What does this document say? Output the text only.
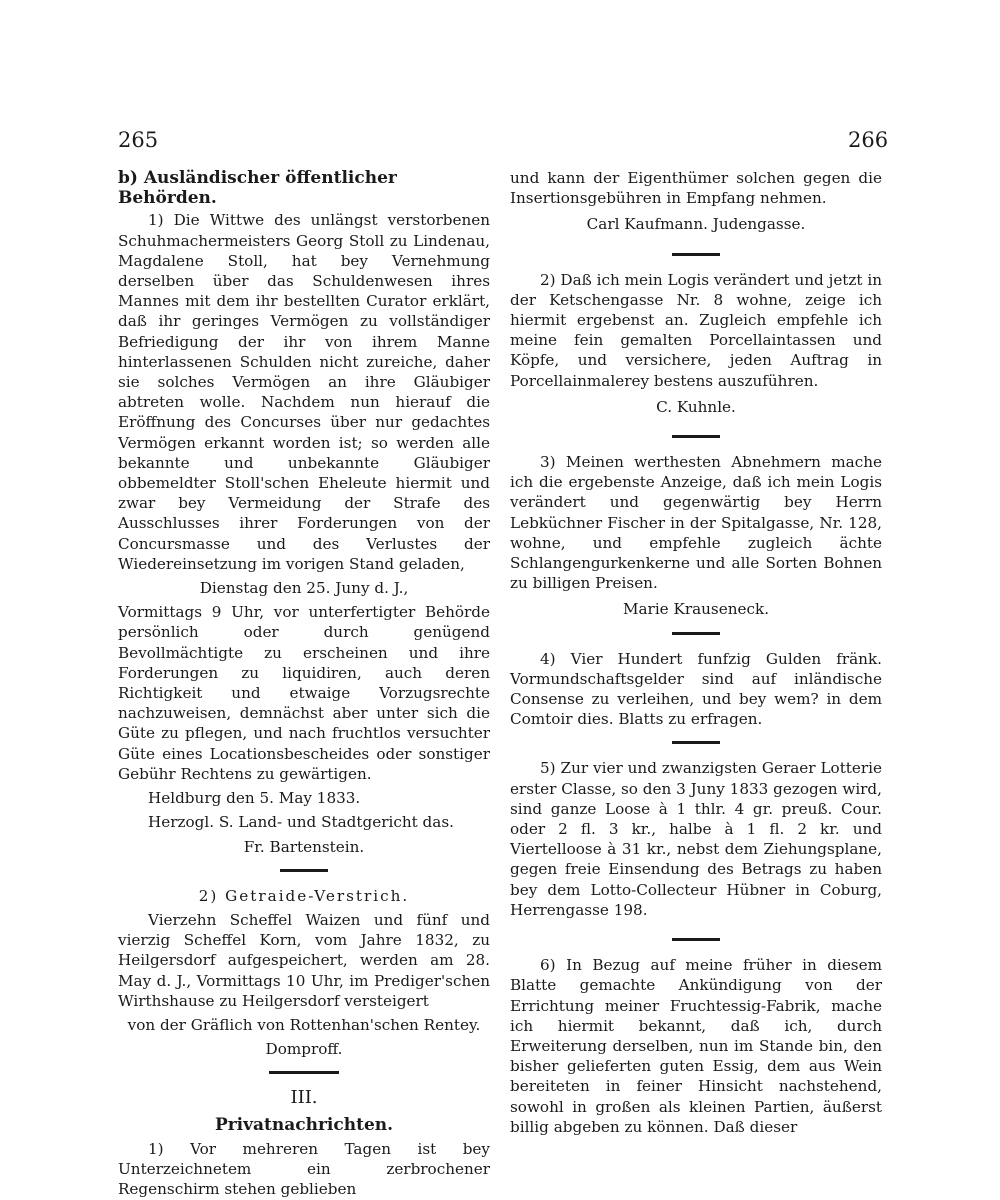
265	266

b) Ausländischer öffentlicher Behörden.

1) Die Wittwe des unlängst verstorbenen Schuhmachermeisters Georg Stoll zu Lindenau, Magdalene Stoll, hat bey Vernehmung derselben über das Schuldenwesen ihres Mannes mit dem ihr bestellten Curator erklärt, daß ihr geringes Vermögen zu vollständiger Befriedigung der ihr von ihrem Manne hinterlassenen Schulden nicht zureiche, daher sie solches Vermögen an ihre Gläubiger abtreten wolle. Nachdem nun hierauf die Eröffnung des Concurses über nur gedachtes Vermögen erkannt worden ist; so werden alle bekannte und unbekannte Gläubiger obbemeldter Stoll'schen Eheleute hiermit und zwar bey Vermeidung der Strafe des Ausschlusses ihrer Forderungen von der Concursmasse und des Verlustes der Wiedereinsetzung im vorigen Stand geladen,

Dienstag den 25. Juny d. J.,

Vormittags 9 Uhr, vor unterfertigter Behörde persönlich oder durch genügend Bevollmächtigte zu erscheinen und ihre Forderungen zu liquidiren, auch deren Richtigkeit und etwaige Vorzugsrechte nachzuweisen, demnächst aber unter sich die Güte zu pflegen, und nach fruchtlos versuchter Güte eines Locationsbescheides oder sonstiger Gebühr Rechtens zu gewärtigen.

Heldburg den 5. May 1833.

Herzogl. S. Land- und Stadtgericht das.

Fr. Bartenstein.

2) Getraide-Verstrich.

Vierzehn Scheffel Waizen und fünf und vierzig Scheffel Korn, vom Jahre 1832, zu Heilgersdorf aufgespeichert, werden am 28. May d. J., Vormittags 10 Uhr, im Prediger'schen Wirthshause zu Heilgersdorf versteigert

von der Gräflich von Rottenhan'schen Rentey.

Domproff.

III.

Privatnachrichten.

1) Vor mehreren Tagen ist bey Unterzeichnetem ein zerbrochener Regenschirm stehen geblieben

und kann der Eigenthümer solchen gegen die Insertionsgebühren in Empfang nehmen.

Carl Kaufmann. Judengasse.

2) Daß ich mein Logis verändert und jetzt in der Ketschengasse Nr. 8 wohne, zeige ich hiermit ergebenst an. Zugleich empfehle ich meine fein gemalten Porcellaintassen und Köpfe, und versichere, jeden Auftrag in Porcellainmalerey bestens auszuführen.

C. Kuhnle.

3) Meinen werthesten Abnehmern mache ich die ergebenste Anzeige, daß ich mein Logis verändert und gegenwärtig bey Herrn Lebküchner Fischer in der Spitalgasse, Nr. 128, wohne, und empfehle zugleich ächte Schlangengurkenkerne und alle Sorten Bohnen zu billigen Preisen.

Marie Krauseneck.

4) Vier Hundert funfzig Gulden fränk. Vormundschaftsgelder sind auf inländische Consense zu verleihen, und bey wem? in dem Comtoir dies. Blatts zu erfragen.

5) Zur vier und zwanzigsten Geraer Lotterie erster Classe, so den 3 Juny 1833 gezogen wird, sind ganze Loose à 1 thlr. 4 gr. preuß. Cour. oder 2 fl. 3 kr., halbe à 1 fl. 2 kr. und Viertelloose à 31 kr., nebst dem Ziehungsplane, gegen freie Einsendung des Betrags zu haben bey dem Lotto-Collecteur Hübner in Coburg, Herrengasse 198.

6) In Bezug auf meine früher in diesem Blatte gemachte Ankündigung von der Errichtung meiner Fruchtessig-Fabrik, mache ich hiermit bekannt, daß ich, durch Erweiterung derselben, nun im Stande bin, den bisher gelieferten guten Essig, dem aus Wein bereiteten in feiner Hinsicht nachstehend, sowohl in großen als kleinen Partien, äußerst billig abgeben zu können. Daß dieser
